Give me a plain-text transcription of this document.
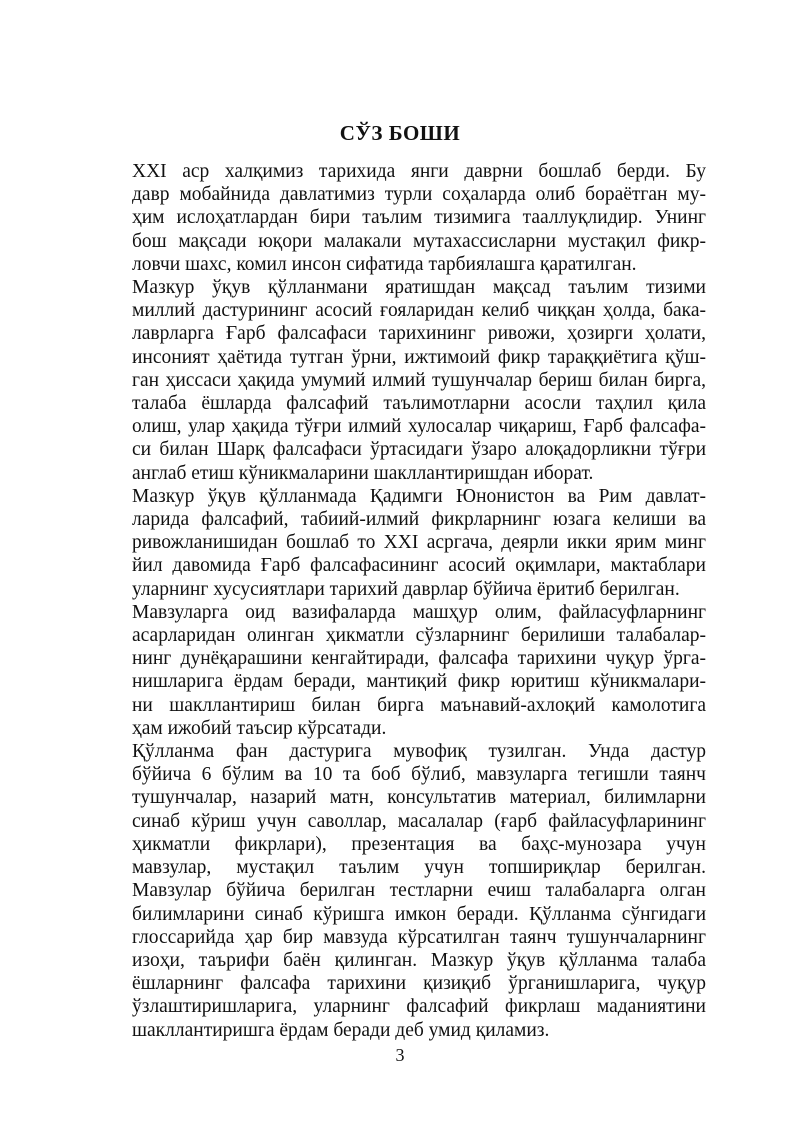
СЎЗ БОШИ
XXI аср халқимиз тарихида янги даврни бошлаб берди. Бу
давр мобайнида давлатимиз турли соҳаларда олиб бораётган му-
ҳим ислоҳатлардан бири таълим тизимига тааллуқлидир. Унинг
бош мақсади юқори малакали мутахассисларни мустақил фикр-
ловчи шахс, комил инсон сифатида тарбиялашга қаратилган.
Мазкур ўқув қўлланмани яратишдан мақсад таълим тизими
миллий дастурининг асосий ғояларидан келиб чиққан ҳолда, бака-
лаврларга Ғарб фалсафаси тарихининг ривожи, ҳозирги ҳолати,
инсоният ҳаётида тутган ўрни, ижтимоий фикр тараққиётига қўш-
ган ҳиссаси ҳақида умумий илмий тушунчалар бериш билан бирга,
талаба ёшларда фалсафий таълимотларни асосли таҳлил қила
олиш, улар ҳақида тўғри илмий хулосалар чиқариш, Ғарб фалсафа-
си билан Шарқ фалсафаси ўртасидаги ўзаро алоқадорликни тўғри
англаб етиш кўникмаларини шакллантиришдан иборат.
Мазкур ўқув қўлланмада Қадимги Юнонистон ва Рим давлат-
ларида фалсафий, табиий-илмий фикрларнинг юзага келиши ва
ривожланишидан бошлаб то XXI асргача, деярли икки ярим минг
йил давомида Ғарб фалсафасининг асосий оқимлари, мактаблари
уларнинг хусусиятлари тарихий даврлар бўйича ёритиб берилган.
Мавзуларга оид вазифаларда машҳур олим, файласуфларнинг
асарларидан олинган ҳикматли сўзларнинг берилиши талабалар-
нинг дунёқарашини кенгайтиради, фалсафа тарихини чуқур ўрга-
нишларига ёрдам беради, мантиқий фикр юритиш кўникмалари-
ни шакллантириш билан бирга маънавий-ахлоқий камолотига
ҳам ижобий таъсир кўрсатади.
Қўлланма фан дастурига мувофиқ тузилган. Унда дастур
бўйича 6 бўлим ва 10 та боб бўлиб, мавзуларга тегишли таянч
тушунчалар, назарий матн, консультатив материал, билимларни
синаб кўриш учун саволлар, масалалар (ғарб файласуфларининг
ҳикматли фикрлари), презентация ва баҳс-мунозара учун
мавзулар, мустақил таълим учун топшириқлар берилган.
Мавзулар бўйича берилган тестларни ечиш талабаларга олган
билимларини синаб кўришга имкон беради. Қўлланма сўнгидаги
глоссарийда ҳар бир мавзуда кўрсатилган таянч тушунчаларнинг
изоҳи, таърифи баён қилинган. Мазкур ўқув қўлланма талаба
ёшларнинг фалсафа тарихини қизиқиб ўрганишларига, чуқур
ўзлаштиришларига, уларнинг фалсафий фикрлаш маданиятини
шакллантиришга ёрдам беради деб умид қиламиз.
3
